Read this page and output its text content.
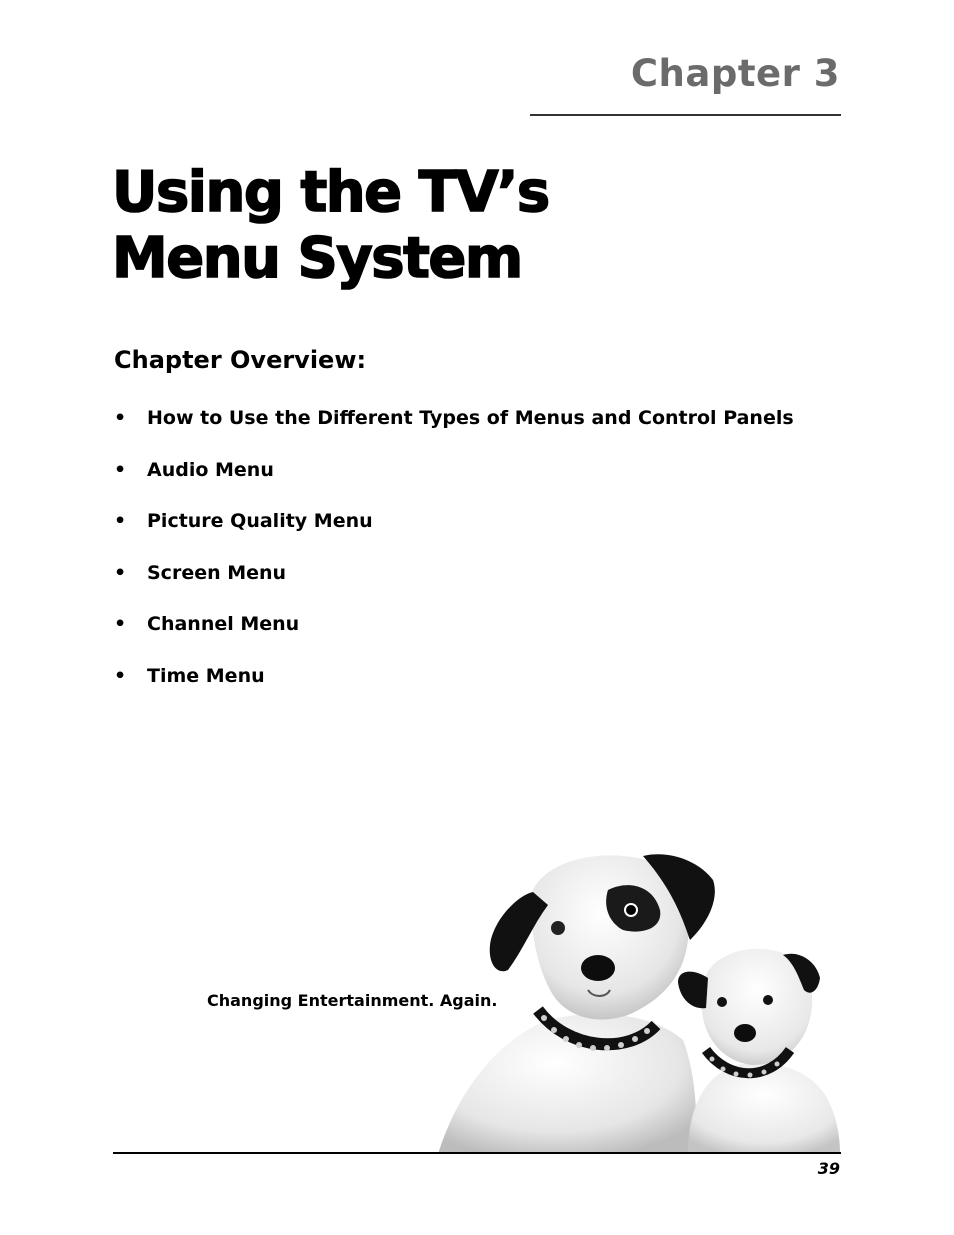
Chapter 3
Using the TV’s
Menu System
Chapter Overview:
• How to Use the Different Types of Menus and Control Panels
• Audio Menu
• Picture Quality Menu
• Screen Menu
• Channel Menu
• Time Menu
Changing Entertainment. Again.
39
